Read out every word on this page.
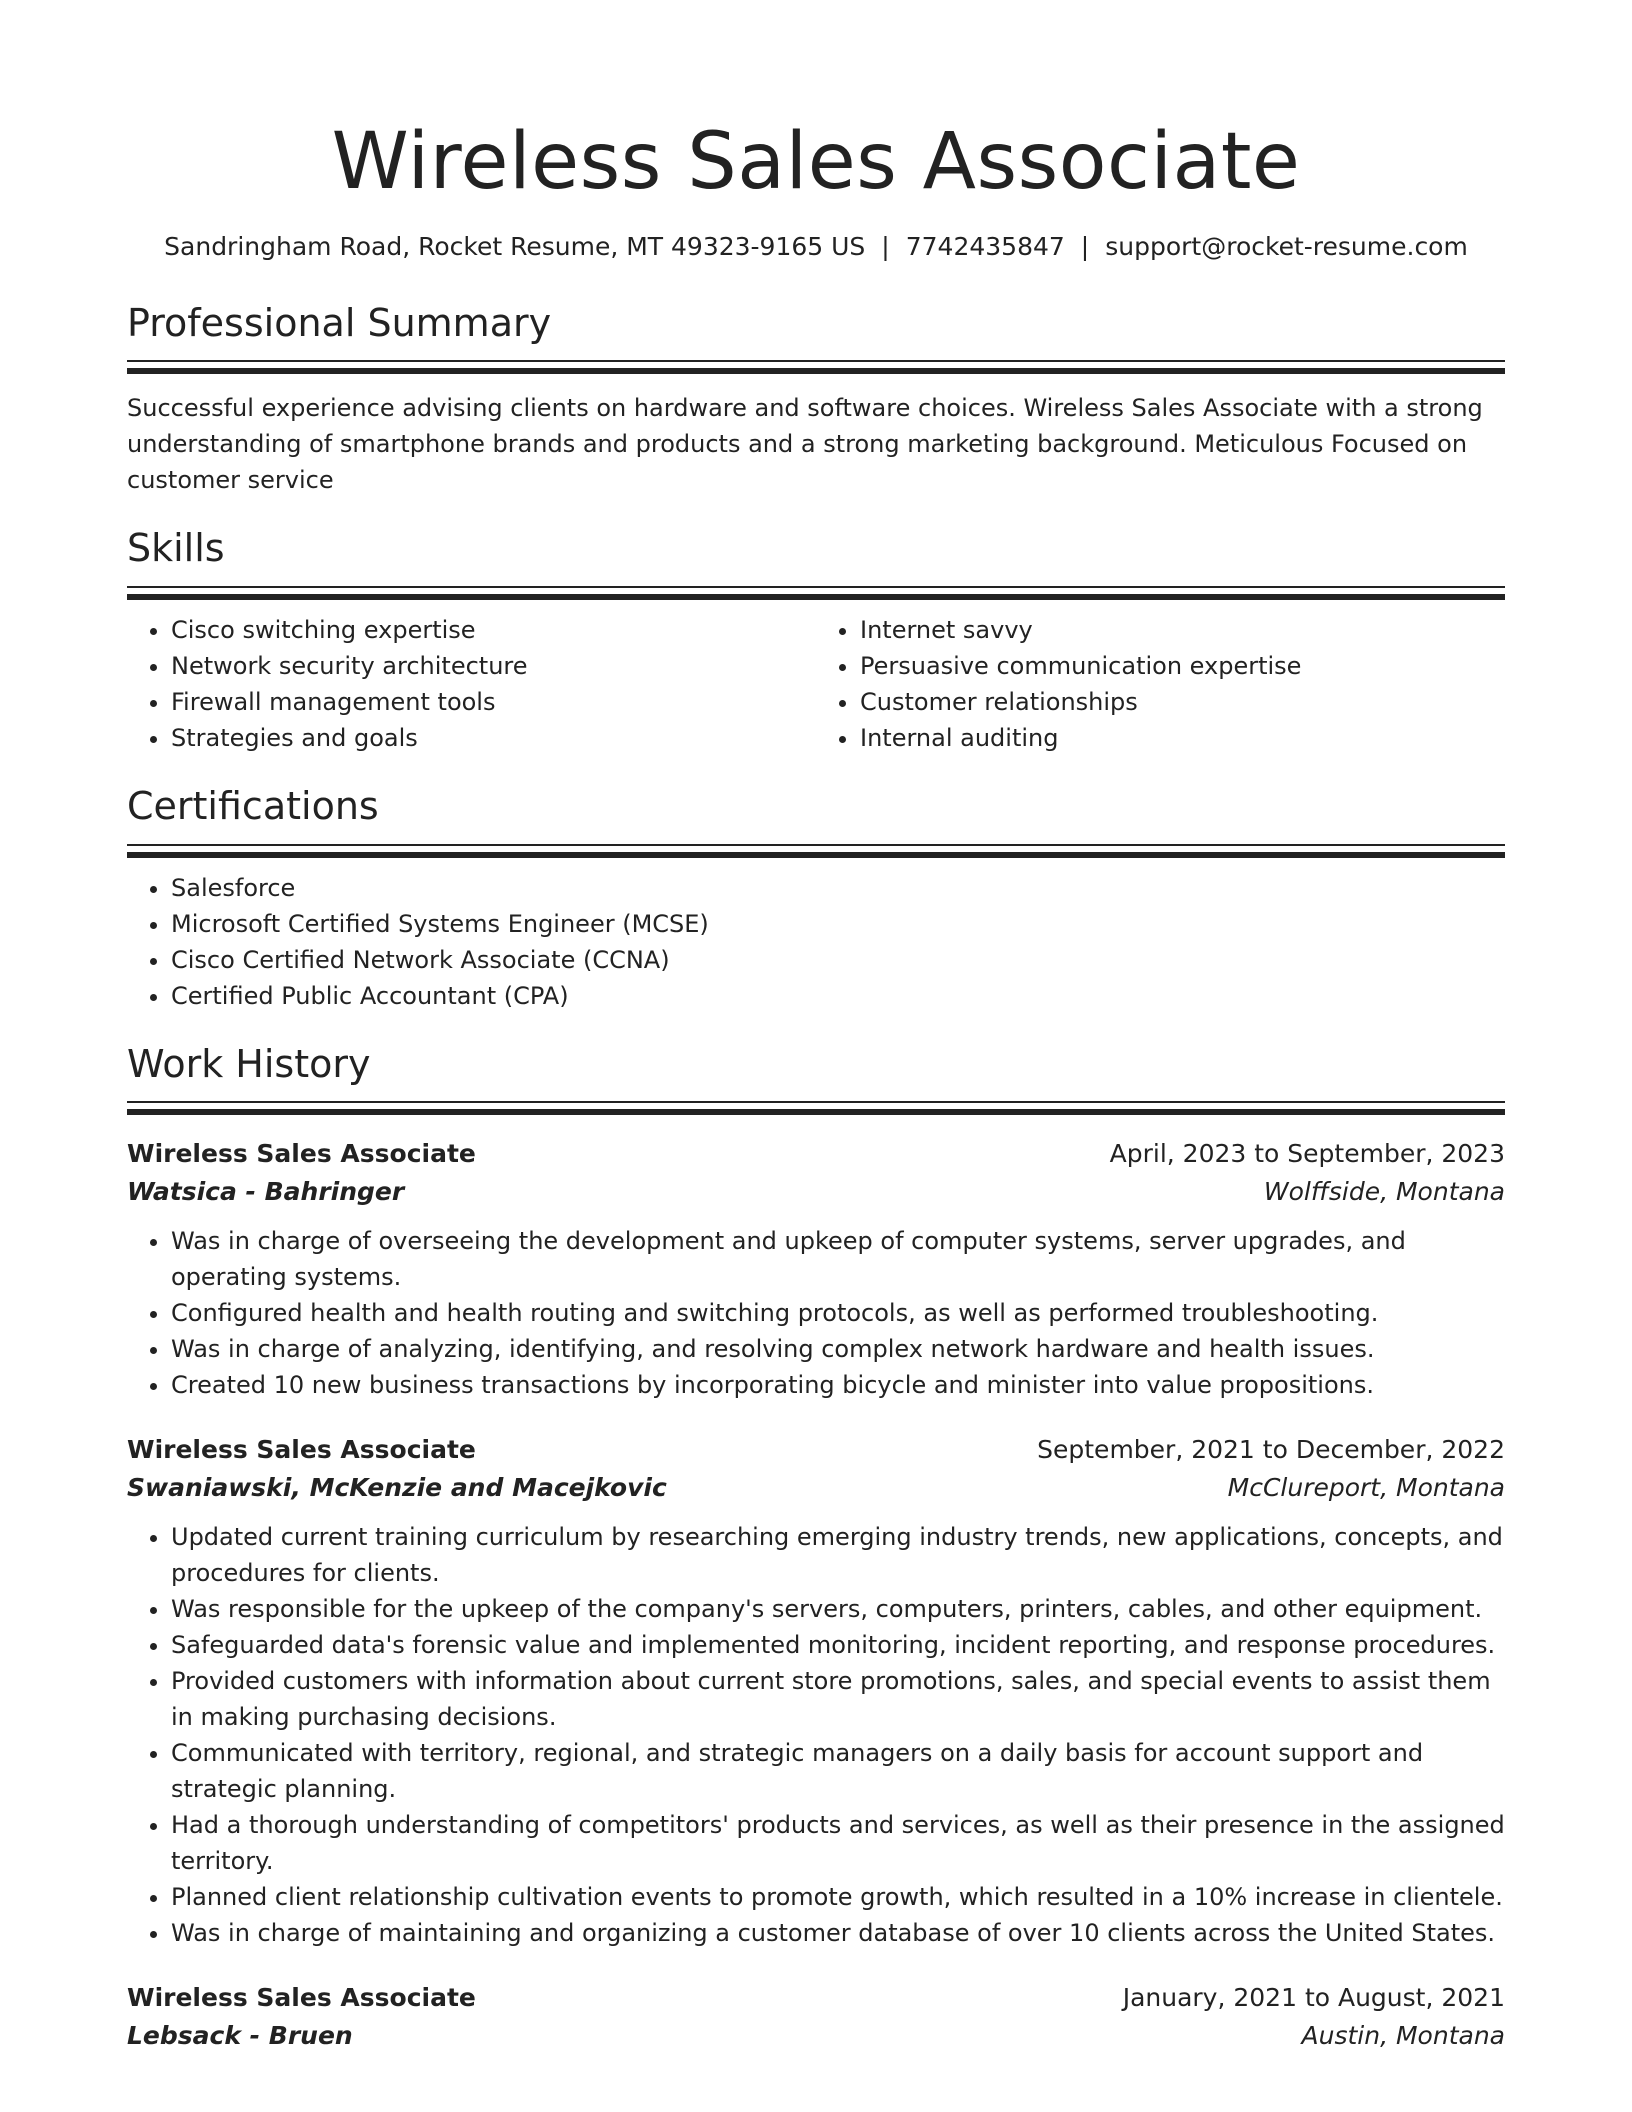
Wireless Sales Associate
Sandringham Road, Rocket Resume, MT 49323-9165 US | 7742435847 | support@rocket-resume.com
Professional Summary
Successful experience advising clients on hardware and software choices. Wireless Sales Associate with a strong understanding of smartphone brands and products and a strong marketing background. Meticulous Focused on customer service
Skills
• Cisco switching expertise
• Network security architecture
• Firewall management tools
• Strategies and goals
• Internet savvy
• Persuasive communication expertise
• Customer relationships
• Internal auditing
Certifications
• Salesforce
• Microsoft Certified Systems Engineer (MCSE)
• Cisco Certified Network Associate (CCNA)
• Certified Public Accountant (CPA)
Work History
Wireless Sales Associate	April, 2023 to September, 2023
Watsica - Bahringer	Wolffside, Montana
• Was in charge of overseeing the development and upkeep of computer systems, server upgrades, and operating systems.
• Configured health and health routing and switching protocols, as well as performed troubleshooting.
• Was in charge of analyzing, identifying, and resolving complex network hardware and health issues.
• Created 10 new business transactions by incorporating bicycle and minister into value propositions.
Wireless Sales Associate	September, 2021 to December, 2022
Swaniawski, McKenzie and Macejkovic	McClureport, Montana
• Updated current training curriculum by researching emerging industry trends, new applications, concepts, and procedures for clients.
• Was responsible for the upkeep of the company's servers, computers, printers, cables, and other equipment.
• Safeguarded data's forensic value and implemented monitoring, incident reporting, and response procedures.
• Provided customers with information about current store promotions, sales, and special events to assist them in making purchasing decisions.
• Communicated with territory, regional, and strategic managers on a daily basis for account support and strategic planning.
• Had a thorough understanding of competitors' products and services, as well as their presence in the assigned territory.
• Planned client relationship cultivation events to promote growth, which resulted in a 10% increase in clientele.
• Was in charge of maintaining and organizing a customer database of over 10 clients across the United States.
Wireless Sales Associate	January, 2021 to August, 2021
Lebsack - Bruen	Austin, Montana
